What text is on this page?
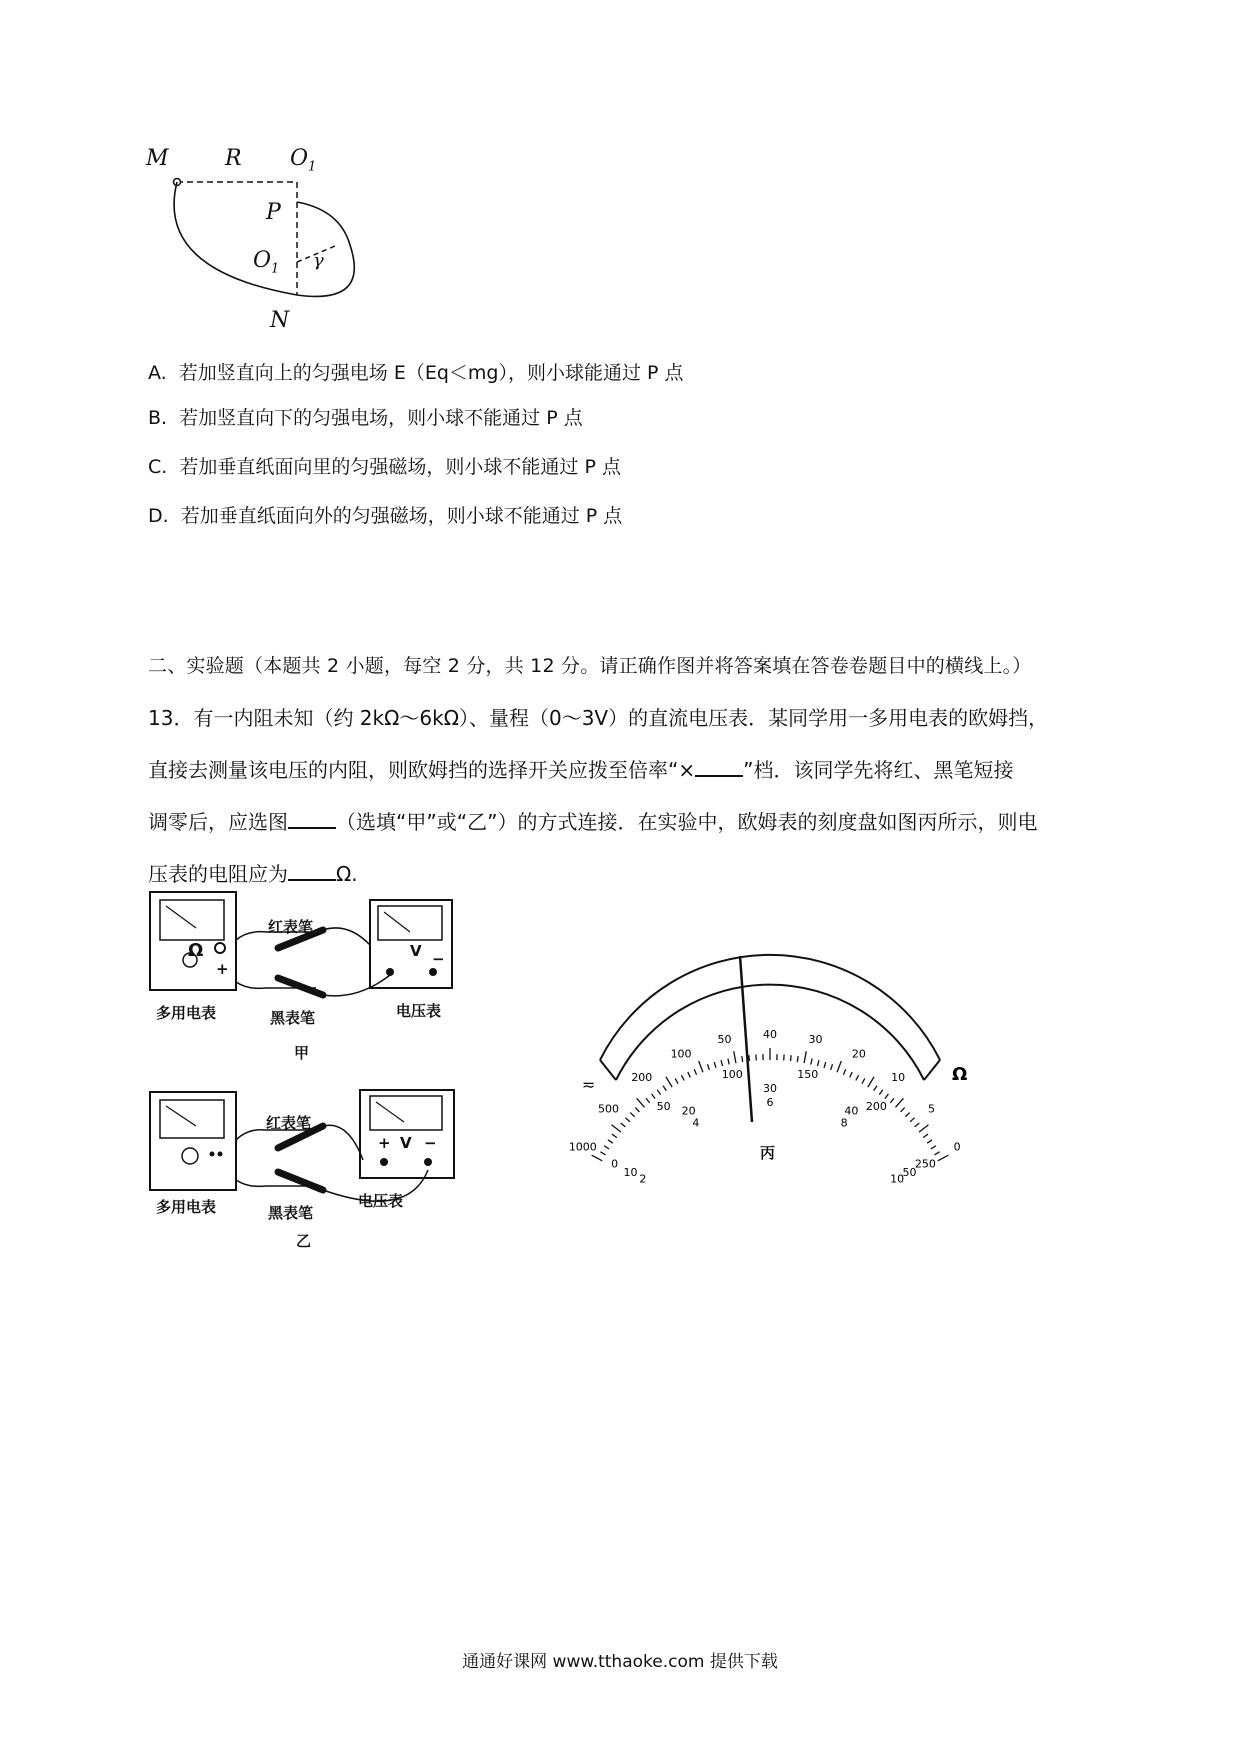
M	R $O_1$
P
$O_1$ γ
N
A. 若加竖直向上的匀强电场 E（Eq＜mg），则小球能通过 P 点
B. 若加竖直向下的匀强电场，则小球不能通过 P 点
C. 若加垂直纸面向里的匀强磁场，则小球不能通过 P 点
D. 若加垂直纸面向外的匀强磁场，则小球不能通过 P 点

二、实验题（本题共 2 小题，每空 2 分，共 12 分。请正确作图并将答案填在答卷卷题目中的横线上。）

13．有一内阻未知（约 2kΩ～6kΩ）、量程（0～3V）的直流电压表．某同学用一多用电表的欧姆挡，

直接去测量该电压的内阻，则欧姆挡的选择开关应拨至倍率“× ”档．该同学先将红、黑笔短接

调零后，应选图 （选填“甲”或“乙”）的方式连接．在实验中，欧姆表的刻度盘如图丙所示，则电

压表的电阻应为 Ω.

Ω
+
红表笔
V −
多用电表	黑表笔	电压表
甲
红表笔
+ V −
多用电表	电压表
黑表笔
乙
1000
500
200
100
50	40	30
20
10
5
0
0
50
100	150
200
250
10
20
30
40
50
2
4
6
8
10
Ω
≂
丙
通通好课网 www.tthaoke.com 提供下载
